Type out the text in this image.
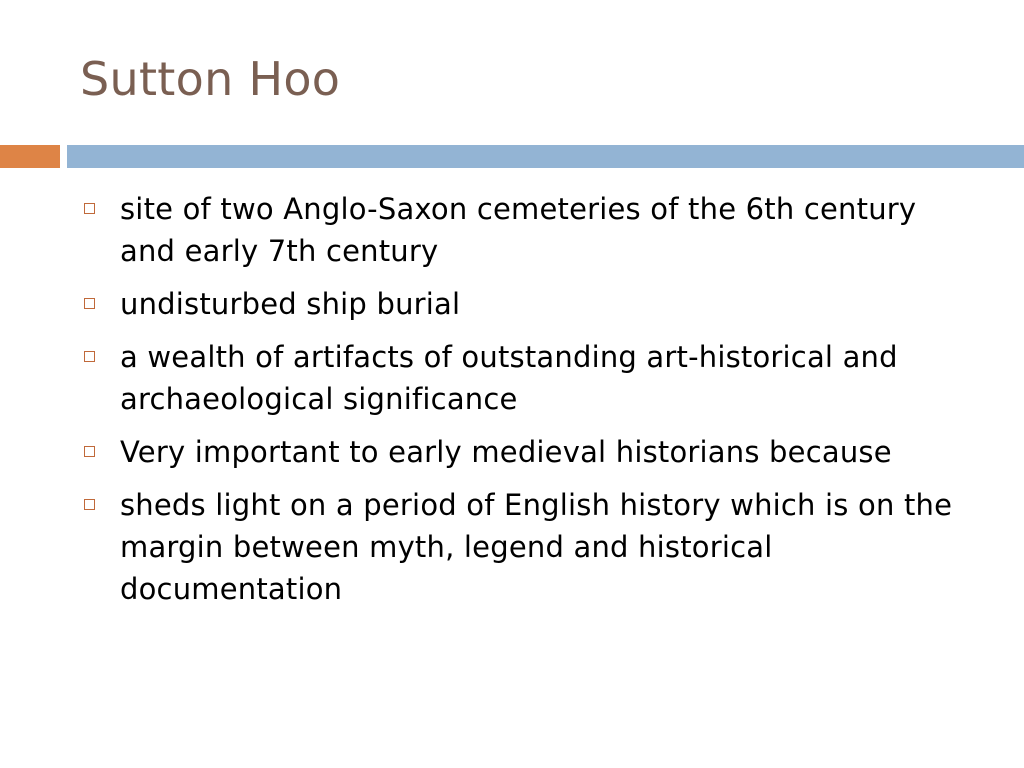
Sutton Hoo
site of two Anglo-Saxon cemeteries of the 6th century and early 7th century
undisturbed ship burial
a wealth of artifacts of outstanding art-historical and archaeological significance
Very important to early medieval historians because
sheds light on a period of English history which is on the margin between myth, legend and historical documentation
